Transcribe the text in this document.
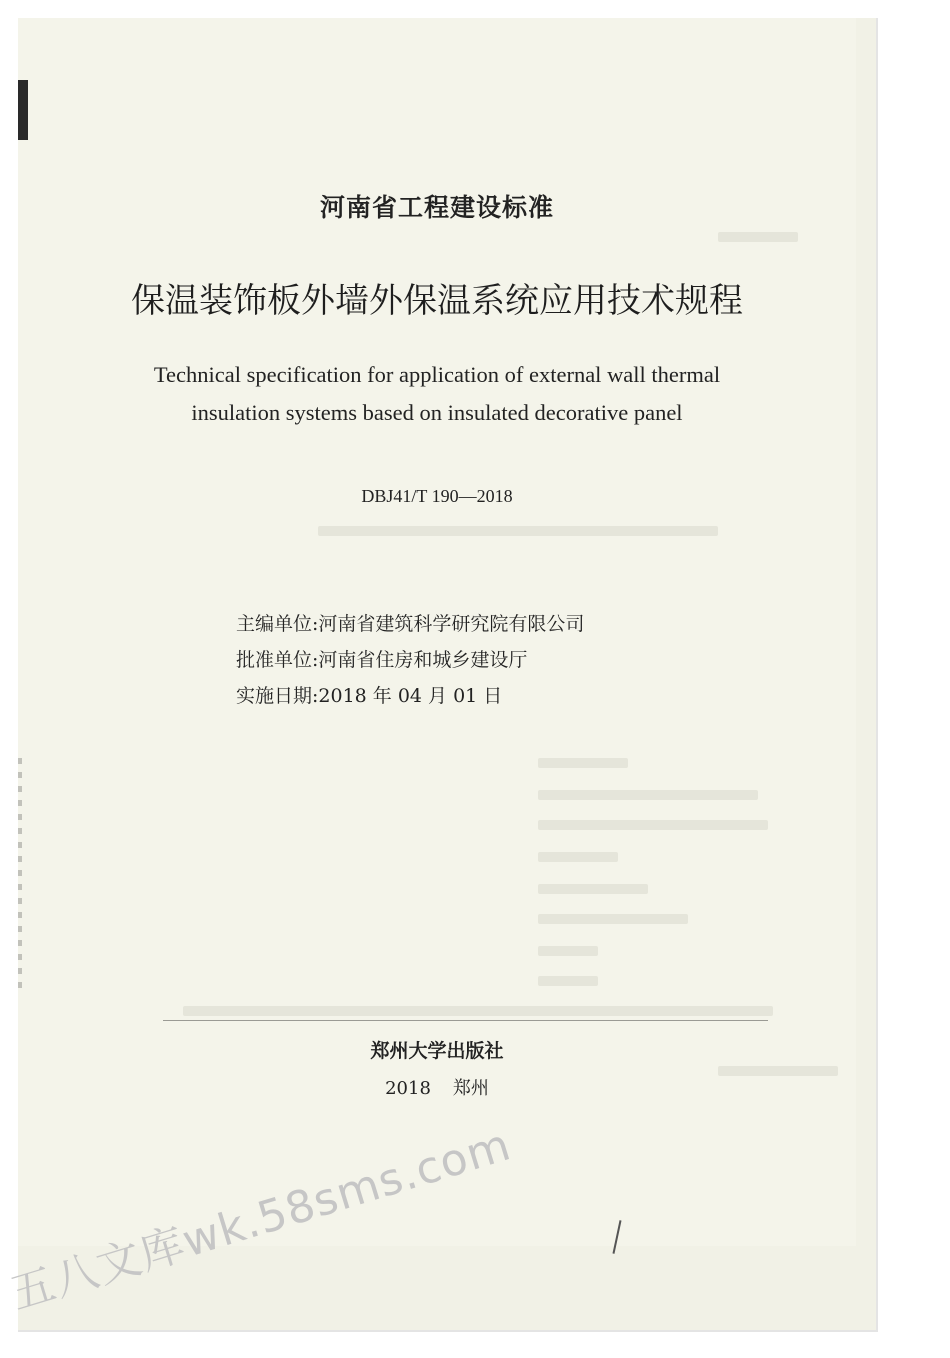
河南省工程建设标准
保温装饰板外墙外保温系统应用技术规程
Technical specification for application of external wall thermal
insulation systems based on insulated decorative panel
DBJ41/T 190—2018
主编单位:河南省建筑科学研究院有限公司
批准单位:河南省住房和城乡建设厅
实施日期:2018 年 04 月 01 日
郑州大学出版社
2018 郑州
五八文库wk.58sms.com
